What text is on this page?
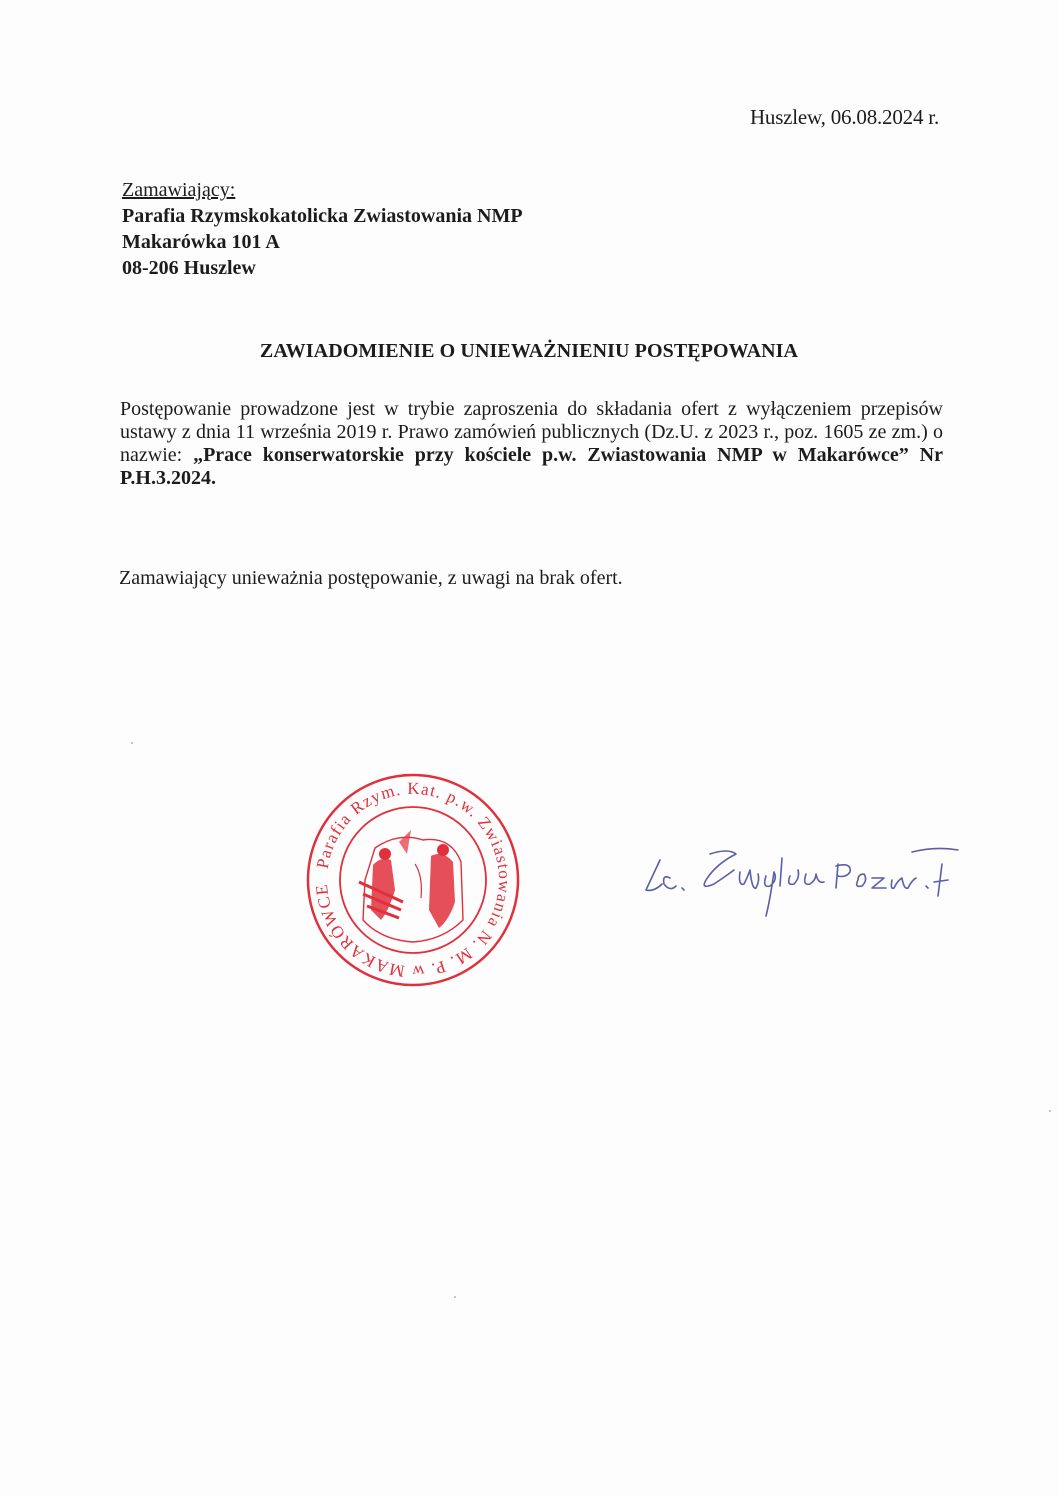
Huszlew, 06.08.2024 r.
Zamawiający:
Parafia Rzymskokatolicka Zwiastowania NMP
Makarówka 101 A
08-206 Huszlew
ZAWIADOMIENIE O UNIEWAŻNIENIU POSTĘPOWANIA
Postępowanie prowadzone jest w trybie zaproszenia do składania ofert z wyłączeniem przepisów ustawy z dnia 11 września 2019 r. Prawo zamówień publicznych (Dz.U. z 2023 r., poz. 1605 ze zm.) o nazwie: „Prace konserwatorskie przy kościele p.w. Zwiastowania NMP w Makarówce” Nr P.H.3.2024.
Zamawiający unieważnia postępowanie, z uwagi na brak ofert.
Parafia Rzym. Kat. p.w. Zwiastowania N. M. P. w MAKARÓWCE
